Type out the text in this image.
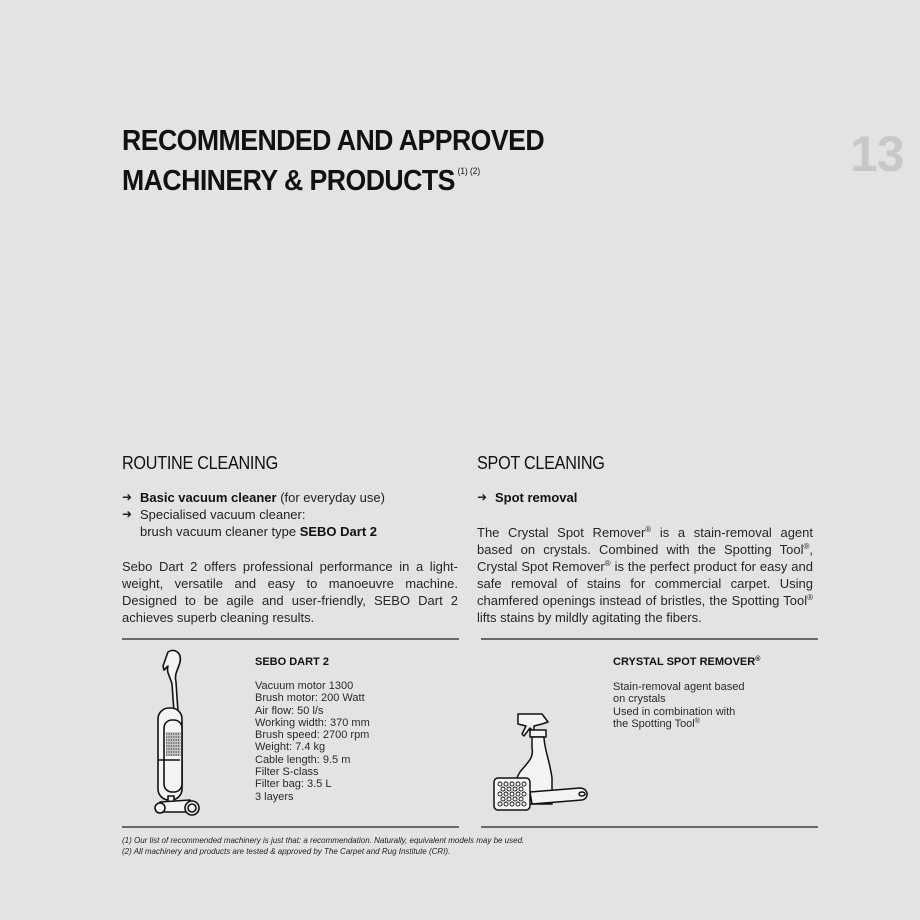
RECOMMENDED AND APPROVED
MACHINERY & PRODUCTS $^{(1) (2)}$	13
ROUTINE CLEANING
➜ Basic vacuum cleaner (for everyday use)
➜ Specialised vacuum cleaner:
brush vacuum cleaner type SEBO Dart 2
Sebo Dart 2 offers professional performance in a light-weight, versatile and easy to manoeuvre machine. Designed to be agile and user-friendly, SEBO Dart 2 achieves superb cleaning results.
SEBO DART 2
Vacuum motor 1300
Brush motor: 200 Watt
Air flow: 50 l/s
Working width: 370 mm
Brush speed: 2700 rpm
Weight: 7.4 kg
Cable length: 9.5 m
Filter S-class
Filter bag: 3.5 L
3 layers
SPOT CLEANING
➜ Spot removal
The Crystal Spot Remover® is a stain-removal agent based on crystals. Combined with the Spotting Tool®, Crystal Spot Remover® is the perfect product for easy and safe removal of stains for commercial carpet. Using chamfered openings instead of bristles, the Spotting Tool® lifts stains by mildly agitating the fibers.
CRYSTAL SPOT REMOVER®
Stain-removal agent based
on crystals
Used in combination with
the Spotting Tool®
(1) Our list of recommended machinery is just that: a recommendation. Naturally, equivalent models may be used.
(2) All machinery and products are tested & approved by The Carpet and Rug Institute (CRI).
